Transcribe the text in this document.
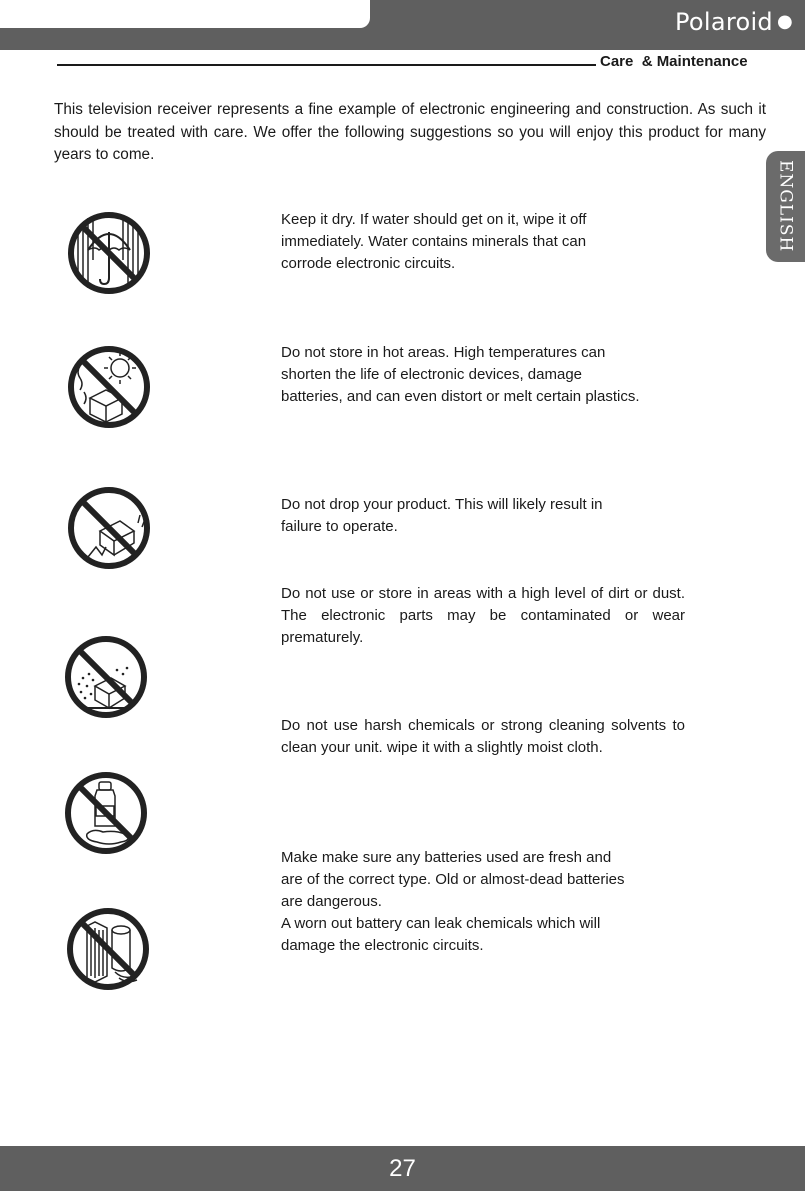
Polaroid ●
Care  & Maintenance

This television receiver represents a fine example of electronic engineering and construction. As such it should be treated with care. We offer the following suggestions so you will enjoy this product for many years to come.

ENGLISH

Keep it dry. If water should get on it, wipe it off
immediately. Water contains minerals that can
corrode electronic circuits.

Do not store in hot areas. High temperatures can
shorten the life of electronic devices, damage
batteries, and can even distort or melt certain plastics.

Do not drop your product. This will likely result in
failure to operate.

Do not use or store in areas with a high level of dirt or dust. The electronic parts may be contaminated or wear prematurely.

Do not use harsh chemicals or strong cleaning solvents to clean your unit. wipe it with a slightly moist cloth.

Make make sure any batteries used are fresh and
are of the correct type. Old or almost-dead batteries
are dangerous.
A worn out battery can leak chemicals which will
damage the electronic circuits.

27
